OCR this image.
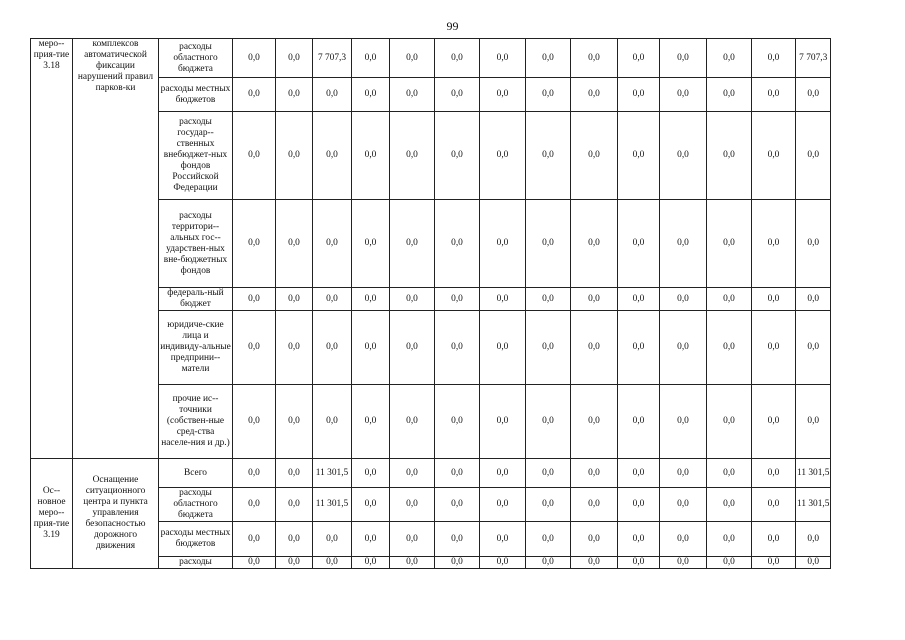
99
меро-прия-тие 3.18	комплексов автоматической фиксации нарушений правил парков-ки	расходы областного бюджета	0,0	0,0	7 707,3	0,0	0,0	0,0	0,0	0,0	0,0	0,0	0,0	0,0	0,0	7 707,3
		расходы местных бюджетов	0,0	0,0	0,0	0,0	0,0	0,0	0,0	0,0	0,0	0,0	0,0	0,0	0,0	0,0
		расходы государ-ственных внебюджет-ных фондов Российской Федерации	0,0	0,0	0,0	0,0	0,0	0,0	0,0	0,0	0,0	0,0	0,0	0,0	0,0	0,0
		расходы территори-альных гос-ударствен-ных вне-бюджетных фондов	0,0	0,0	0,0	0,0	0,0	0,0	0,0	0,0	0,0	0,0	0,0	0,0	0,0	0,0
		федераль-ный бюджет	0,0	0,0	0,0	0,0	0,0	0,0	0,0	0,0	0,0	0,0	0,0	0,0	0,0	0,0
		юридиче-ские лица и индивиду-альные предприни-матели	0,0	0,0	0,0	0,0	0,0	0,0	0,0	0,0	0,0	0,0	0,0	0,0	0,0	0,0
		прочие ис-точники (собствен-ные сред-ства населе-ния и др.)	0,0	0,0	0,0	0,0	0,0	0,0	0,0	0,0	0,0	0,0	0,0	0,0	0,0	0,0
Ос-новное меро-прия-тие 3.19	Оснащение ситуационного центра и пункта управления безопасностью дорожного движения	Всего	0,0	0,0	11 301,5	0,0	0,0	0,0	0,0	0,0	0,0	0,0	0,0	0,0	0,0	11 301,5
		расходы областного бюджета	0,0	0,0	11 301,5	0,0	0,0	0,0	0,0	0,0	0,0	0,0	0,0	0,0	0,0	11 301,5
		расходы местных бюджетов	0,0	0,0	0,0	0,0	0,0	0,0	0,0	0,0	0,0	0,0	0,0	0,0	0,0	0,0
		расходы	0,0	0,0	0,0	0,0	0,0	0,0	0,0	0,0	0,0	0,0	0,0	0,0	0,0	0,0
